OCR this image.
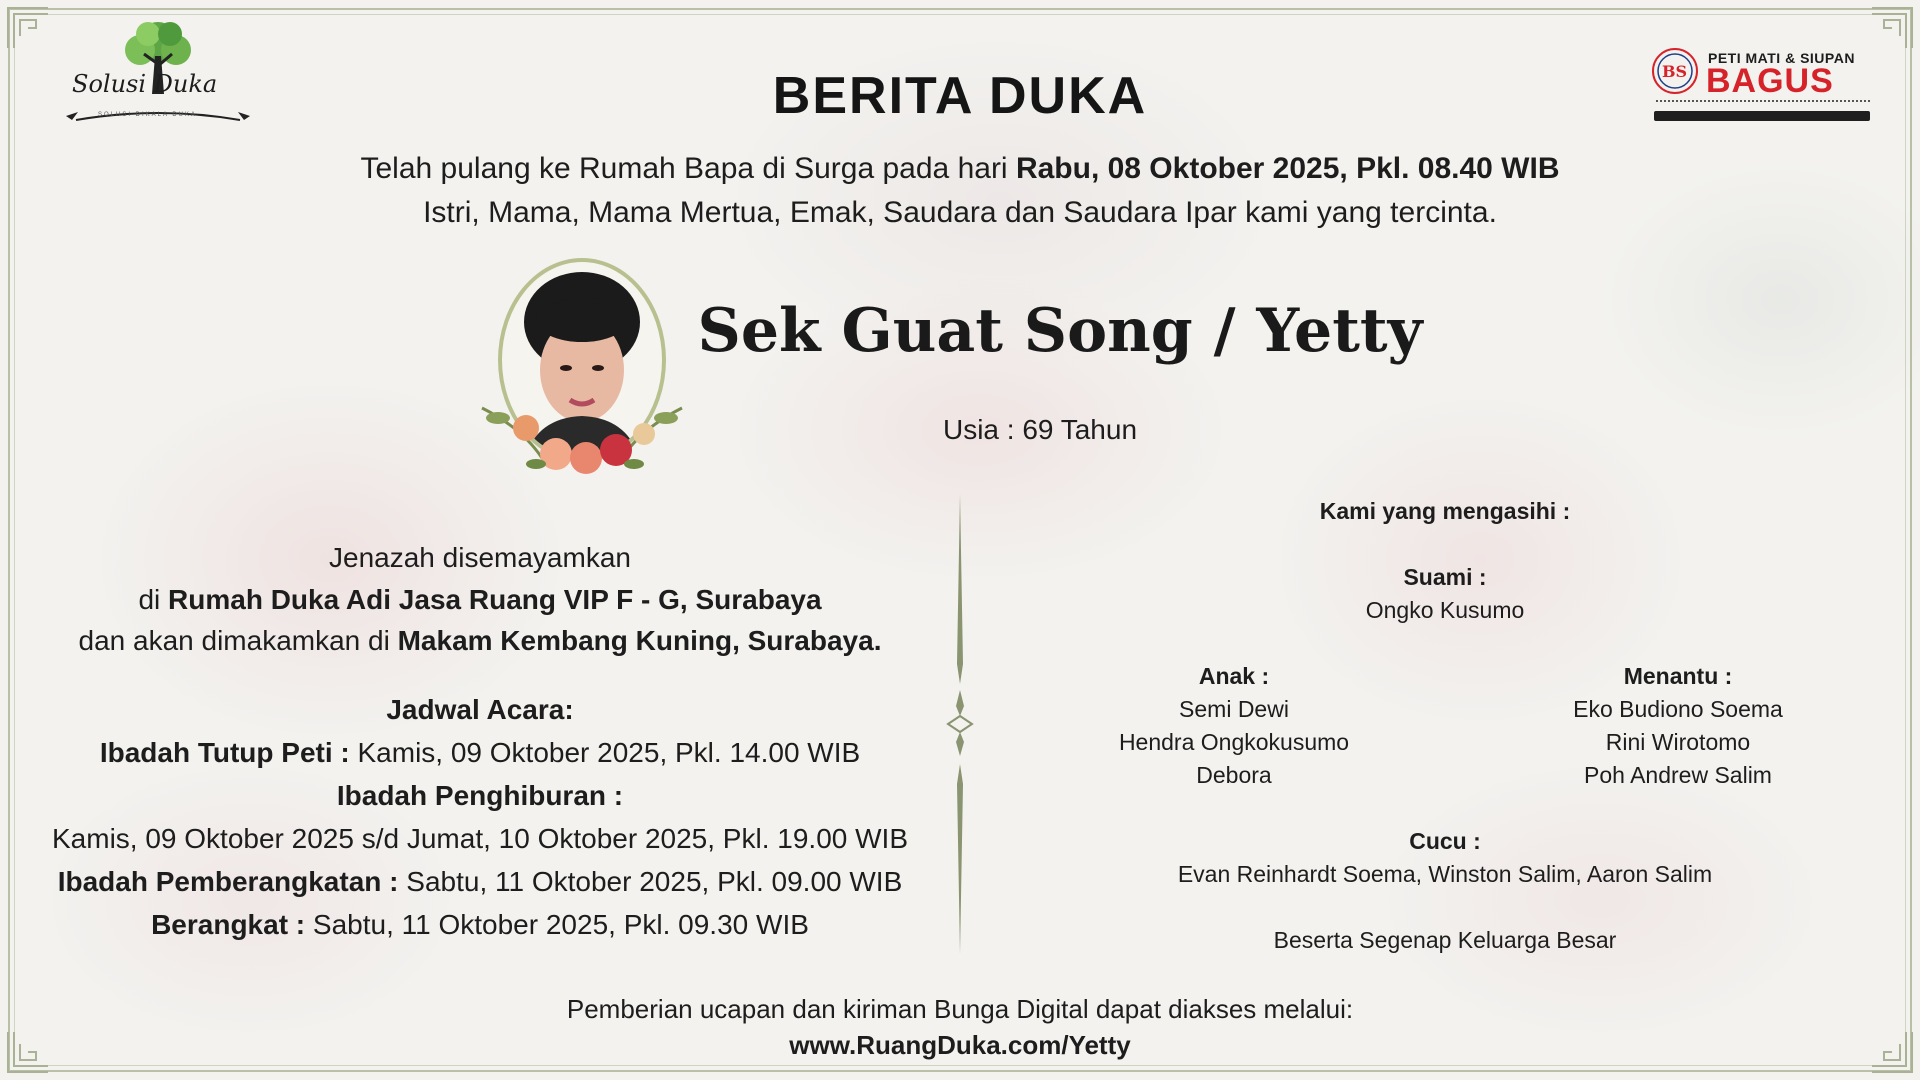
Solusi Duka
SOLUSI DIKALA DUKA
BS
PETI MATI & SIUPAN
BAGUS
BERITA DUKA
Telah pulang ke Rumah Bapa di Surga pada hari Rabu, 08 Oktober 2025, Pkl. 08.40 WIB
Istri, Mama, Mama Mertua, Emak, Saudara dan Saudara Ipar kami yang tercinta.
Sek Guat Song / Yetty
Usia : 69 Tahun
Jenazah disemayamkan
di Rumah Duka Adi Jasa Ruang VIP F - G, Surabaya
dan akan dimakamkan di Makam Kembang Kuning, Surabaya.
Jadwal Acara:
Ibadah Tutup Peti : Kamis, 09 Oktober 2025, Pkl. 14.00 WIB
Ibadah Penghiburan :
Kamis, 09 Oktober 2025 s/d Jumat, 10 Oktober 2025, Pkl. 19.00 WIB
Ibadah Pemberangkatan : Sabtu, 11 Oktober 2025, Pkl. 09.00 WIB
Berangkat : Sabtu, 11 Oktober 2025, Pkl. 09.30 WIB
Kami yang mengasihi :
Suami :
Ongko Kusumo
Anak :
Semi Dewi
Hendra Ongkokusumo
Debora
Menantu :
Eko Budiono Soema
Rini Wirotomo
Poh Andrew Salim
Cucu :
Evan Reinhardt Soema, Winston Salim, Aaron Salim
Beserta Segenap Keluarga Besar
Pemberian ucapan dan kiriman Bunga Digital dapat diakses melalui:
www.RuangDuka.com/Yetty
